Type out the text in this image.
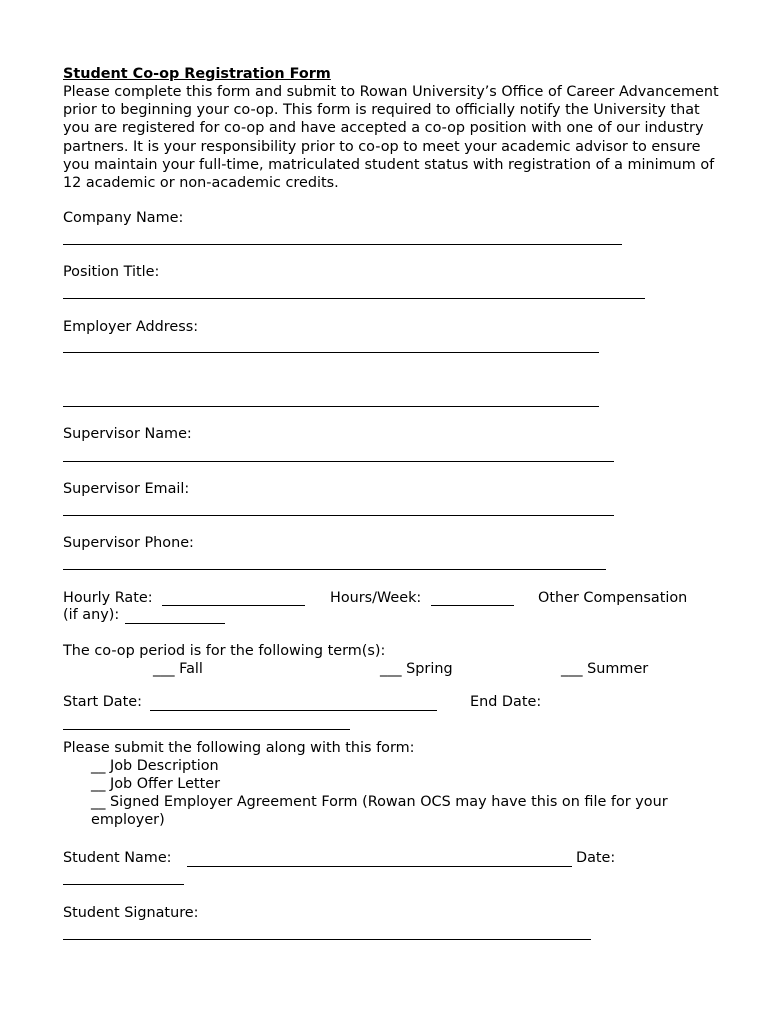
Student Co-op Registration Form
Please complete this form and submit to Rowan University’s Office of Career Advancement prior to beginning your co-op. This form is required to officially notify the University that you are registered for co-op and have accepted a co-op position with one of our industry partners. It is your responsibility prior to co-op to meet your academic advisor to ensure you maintain your full-time, matriculated student status with registration of a minimum of 12 academic or non-academic credits.
Company Name:
Position Title:
Employer Address:
Supervisor Name:
Supervisor Email:
Supervisor Phone:
Hourly Rate:	Hours/Week:	Other Compensation
(if any):
The co-op period is for the following term(s):
___ Fall	___ Spring	___ Summer
Start Date:	End Date:
Please submit the following along with this form:
__ Job Description
__ Job Offer Letter
__ Signed Employer Agreement Form (Rowan OCS may have this on file for your
employer)
Student Name:	Date:
Student Signature:
